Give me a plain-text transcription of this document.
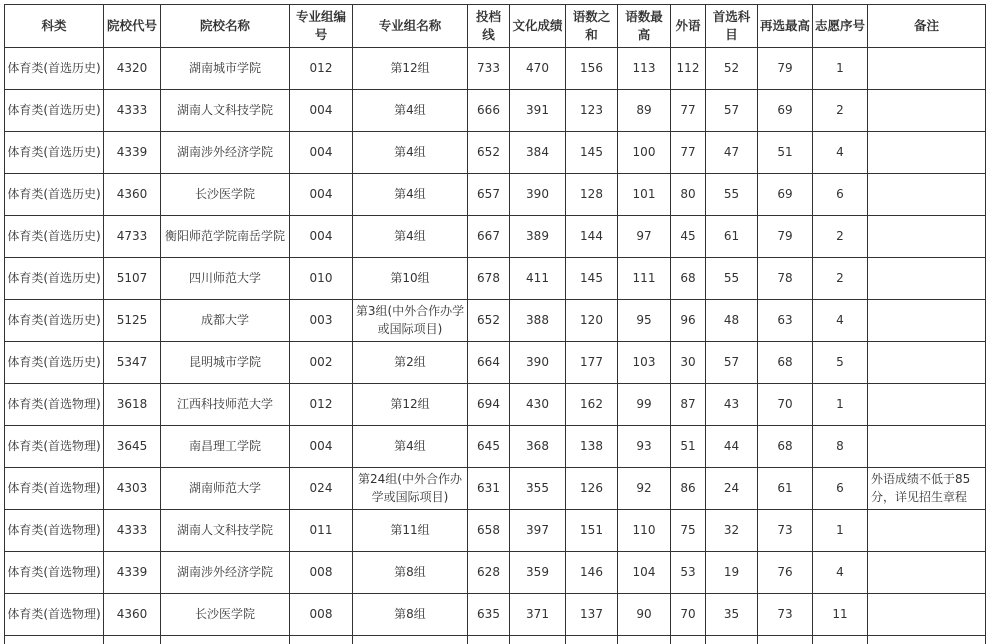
科类	院校代号	院校名称	专业组编号	专业组名称	投档线	文化成绩	语数之和	语数最高	外语	首选科目	再选最高	志愿序号	备注
体育类(首选历史)	4320	湖南城市学院	012	第12组	733	470	156	113	112	52	79	1	
体育类(首选历史)	4333	湖南人文科技学院	004	第4组	666	391	123	89	77	57	69	2	
体育类(首选历史)	4339	湖南涉外经济学院	004	第4组	652	384	145	100	77	47	51	4	
体育类(首选历史)	4360	长沙医学院	004	第4组	657	390	128	101	80	55	69	6	
体育类(首选历史)	4733	衡阳师范学院南岳学院	004	第4组	667	389	144	97	45	61	79	2	
体育类(首选历史)	5107	四川师范大学	010	第10组	678	411	145	111	68	55	78	2	
体育类(首选历史)	5125	成都大学	003	第3组(中外合作办学或国际项目)	652	388	120	95	96	48	63	4	
体育类(首选历史)	5347	昆明城市学院	002	第2组	664	390	177	103	30	57	68	5	
体育类(首选物理)	3618	江西科技师范大学	012	第12组	694	430	162	99	87	43	70	1	
体育类(首选物理)	3645	南昌理工学院	004	第4组	645	368	138	93	51	44	68	8	
体育类(首选物理)	4303	湖南师范大学	024	第24组(中外合作办学或国际项目)	631	355	126	92	86	24	61	6	外语成绩不低于85分，详见招生章程
体育类(首选物理)	4333	湖南人文科技学院	011	第11组	658	397	151	110	75	32	73	1	
体育类(首选物理)	4339	湖南涉外经济学院	008	第8组	628	359	146	104	53	19	76	4	
体育类(首选物理)	4360	长沙医学院	008	第8组	635	371	137	90	70	35	73	11	
